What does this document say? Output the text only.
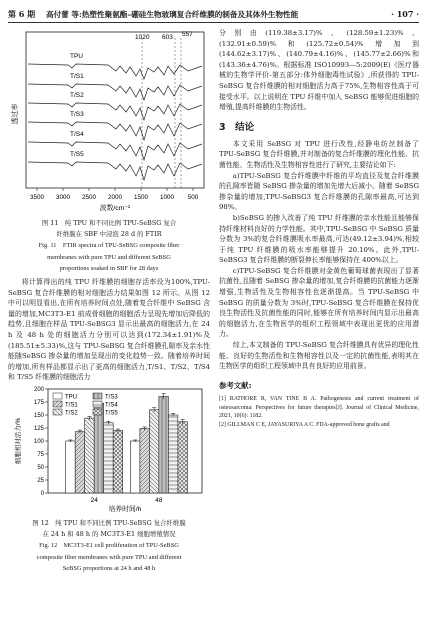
第 6 期	高付蕾 等:热塑性聚氨酯–硼硅生物玻璃复合纤维膜的制备及其体外生物性能	· 107 ·
1020 603 557
TPU
T/S1
T/S2
T/S3
T/S4
T/S5
透过率
3500 3000 2500 2000 1500 1000 500
波数/cm⁻¹

图 11　纯 TPU 和不同比例 TPU-SeBSG 复合

纤维膜在 SBF 中浸泡 28 d 的 FTIR

Fig. 11　FTIR spectra of TPU-SeBSG composite fiber

membranes with pure TPU and different SeBSG

proportions soaked in SBF for 28 days

将计算得出的纯 TPU 纤维膜的细胞存活率设为100%,TPU-SeBSG 复合纤维膜的相对细胞活力结果如图 12 所示。从图 12 中可以明显看出,在所有培养时间点处,随着复合纤维中 SeBSG 含量的增加,MC3T3-E1 前成骨细胞的细胞活力呈现先增加后降低的趋势,且细胞在样品 TPU-SeBSG3 显示出最高的细胞活力,在 24 h 及 48 h 处的细胞活力分别可以达到(172.34±1.91)%及(185.51±5.33)%,这与 TPU-SeBSG 复合纤维膜孔隙率及亲水性能随SeBSG 掺杂量的增加呈现出的变化趋势一致。随着培养时间的增加,所有样品都显示出了更高的细胞活力,T/S1、T/S2、T/S4 和 T/S5 纤维膜的细胞活力

0
25
50
75
100
125
150
175
200
细胞相对活力/%
24	48
培养时间/h
TPU
T/S1
T/S2
T/S3
T/S4
T/S5

图 12　纯 TPU 和不同比例 TPU-SeBSG 复合纤维膜

在 24 h 和 48 h 的 MC3T3-E1 细胞增殖情况

Fig. 12　MC3T3-E1 cell proliferation of TPU-SeBSG

composite fiber membranes with pure TPU and different

SeBSG proportions at 24 h and 48 h

分别由(119.38±3.17)%、(128.59±1.23)%、(132.91±0.59)%和(125.72±0.54)%增加到(144.62±3.17)%、(140.79±4.16)%、(145.77±2.66)%和(143.36±4.76)%。根据标准 ISO10993—5:2009(E)《医疗器械的生物学评价-第五部分:体外细胞毒性试验》,所获得的 TPU-SeBSG 复合纤维膜的相对细胞活力高于75%,生物相容性高于可接受水平。以上说明在 TPU 纤维中加入 SeBSG 能够促进细胞的增殖,提高纤维膜的生物活性。

3　结论

本文采用 SeBSG 对 TPU 进行改性,经静电纺丝制备了 TPU-SeBSG 复合纤维膜,并对制备的复合纤维膜的理化性能、抗菌性能、生物活性及生物相容性进行了研究,主要结论如下:

a)TPU-SeBSG 复合纤维膜中纤维的平均直径及复合纤维膜的孔隙率皆随 SeBSG 掺杂量的增加先增大后减小。随着 SeBSG 掺杂量的增加,TPU-SeBSG3 复合纤维膜的孔隙率最高,可达到 98%。

b)SeBSG 的掺入改善了纯 TPU 纤维膜的亲水性能且能够保持纤维材料良好的力学性能。其中,TPU-SeBSG 中 SeBSG 质量分数为 3%的复合纤维膜吸水率最高,可达(49.12±3.94)%,相较于纯 TPU 纤维膜的吸水率能够提升 20.10%。此外,TPU-SeBSG3 复合纤维膜的断裂伸长率能够保持在 400%以上。

c)TPU-SeBSG 复合纤维膜对金黄色葡萄球菌表现出了显著抗菌性,且随着 SeBSG 掺杂量的增加,复合纤维膜的抗菌能力逐渐增强,生物活性及生物相容性也逐渐提高。当 TPU-SeBSG 中 SeBSG 的质量分数为 3%时,TPU-SeBSG 复合纤维膜在保持优良生物活性及抗菌性能的同时,能够在所有培养时间内显示出最高的细胞活力,在生物医学的组织工程领域中表现出更优的应用潜力。

综上,本文制备的 TPU-SeBSG 复合纤维膜具有优异的理化性能、良好的生物活性和生物相容性以及一定的抗菌性能,表明其在生物医学的组织工程领域中具有良好的应用前景。

参考文献:

[1] RATHORE R, VAN TINE B A. Pathogenesis and current treatment of osteosarcoma: Perspectives for future therapies[J]. Journal of Clinical Medicine, 2021, 10(6): 1182.

[2] GILLMAN C E, JAYASURIYA A C. FDA-approved bone grafts and
